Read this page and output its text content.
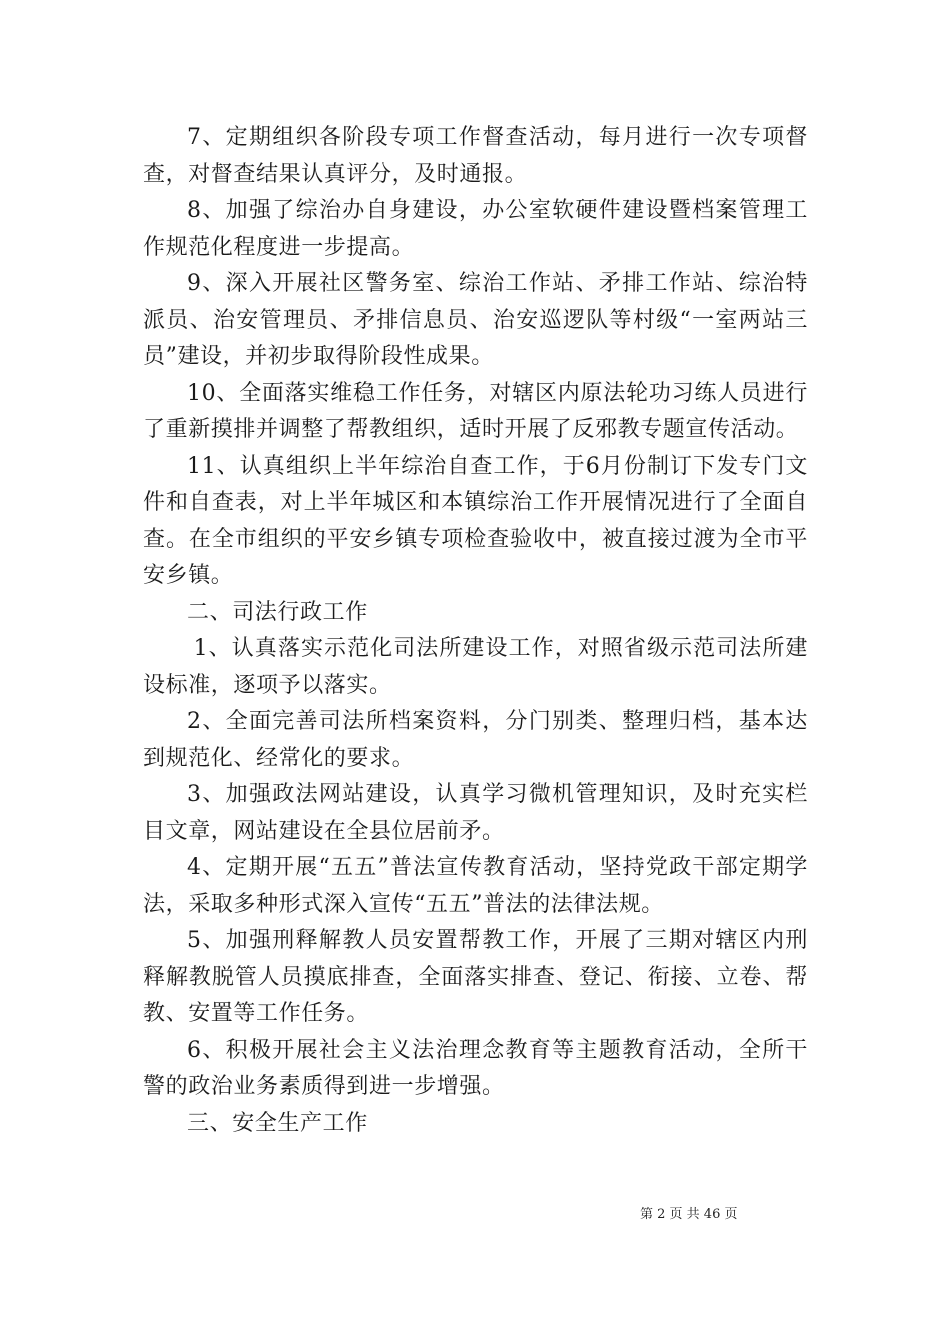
7、定期组织各阶段专项工作督查活动，每月进行一次专项督查，对督查结果认真评分，及时通报。

8、加强了综治办自身建设，办公室软硬件建设暨档案管理工作规范化程度进一步提高。

9、深入开展社区警务室、综治工作站、矛排工作站、综治特派员、治安管理员、矛排信息员、治安巡逻队等村级“一室两站三员”建设，并初步取得阶段性成果。

10、全面落实维稳工作任务，对辖区内原法轮功习练人员进行了重新摸排并调整了帮教组织，适时开展了反邪教专题宣传活动。

11、认真组织上半年综治自查工作，于6月份制订下发专门文件和自查表，对上半年城区和本镇综治工作开展情况进行了全面自查。在全市组织的平安乡镇专项检查验收中，被直接过渡为全市平安乡镇。

二、司法行政工作

1、认真落实示范化司法所建设工作，对照省级示范司法所建设标准，逐项予以落实。

2、全面完善司法所档案资料，分门别类、整理归档，基本达到规范化、经常化的要求。

3、加强政法网站建设，认真学习微机管理知识，及时充实栏目文章，网站建设在全县位居前矛。

4、定期开展“五五”普法宣传教育活动，坚持党政干部定期学法，采取多种形式深入宣传“五五”普法的法律法规。

5、加强刑释解教人员安置帮教工作，开展了三期对辖区内刑释解教脱管人员摸底排查，全面落实排查、登记、衔接、立卷、帮教、安置等工作任务。

6、积极开展社会主义法治理念教育等主题教育活动，全所干警的政治业务素质得到进一步增强。

三、安全生产工作

第 2 页 共 46 页
